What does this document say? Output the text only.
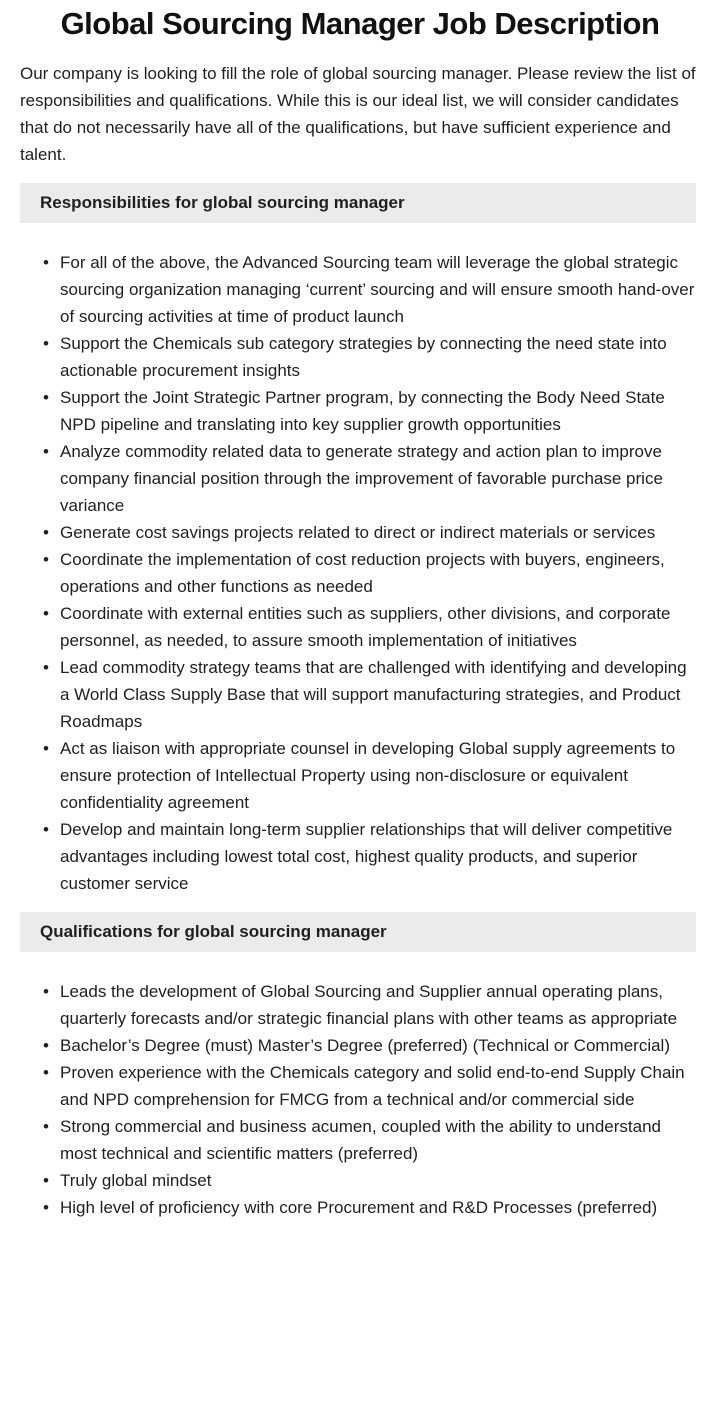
Global Sourcing Manager Job Description

Our company is looking to fill the role of global sourcing manager. Please review the list of responsibilities and qualifications. While this is our ideal list, we will consider candidates that do not necessarily have all of the qualifications, but have sufficient experience and talent.

Responsibilities for global sourcing manager
• For all of the above, the Advanced Sourcing team will leverage the global strategic sourcing organization managing ‘current’ sourcing and will ensure smooth hand-over of sourcing activities at time of product launch
• Support the Chemicals sub category strategies by connecting the need state into actionable procurement insights
• Support the Joint Strategic Partner program, by connecting the Body Need State NPD pipeline and translating into key supplier growth opportunities
• Analyze commodity related data to generate strategy and action plan to improve company financial position through the improvement of favorable purchase price variance
• Generate cost savings projects related to direct or indirect materials or services
• Coordinate the implementation of cost reduction projects with buyers, engineers, operations and other functions as needed
• Coordinate with external entities such as suppliers, other divisions, and corporate personnel, as needed, to assure smooth implementation of initiatives
• Lead commodity strategy teams that are challenged with identifying and developing a World Class Supply Base that will support manufacturing strategies, and Product Roadmaps
• Act as liaison with appropriate counsel in developing Global supply agreements to ensure protection of Intellectual Property using non-disclosure or equivalent confidentiality agreement
• Develop and maintain long-term supplier relationships that will deliver competitive advantages including lowest total cost, highest quality products, and superior customer service
Qualifications for global sourcing manager
• Leads the development of Global Sourcing and Supplier annual operating plans, quarterly forecasts and/or strategic financial plans with other teams as appropriate
• Bachelor’s Degree (must) Master’s Degree (preferred) (Technical or Commercial)
• Proven experience with the Chemicals category and solid end-to-end Supply Chain and NPD comprehension for FMCG from a technical and/or commercial side
• Strong commercial and business acumen, coupled with the ability to understand most technical and scientific matters (preferred)
• Truly global mindset
• High level of proficiency with core Procurement and R&D Processes (preferred)
